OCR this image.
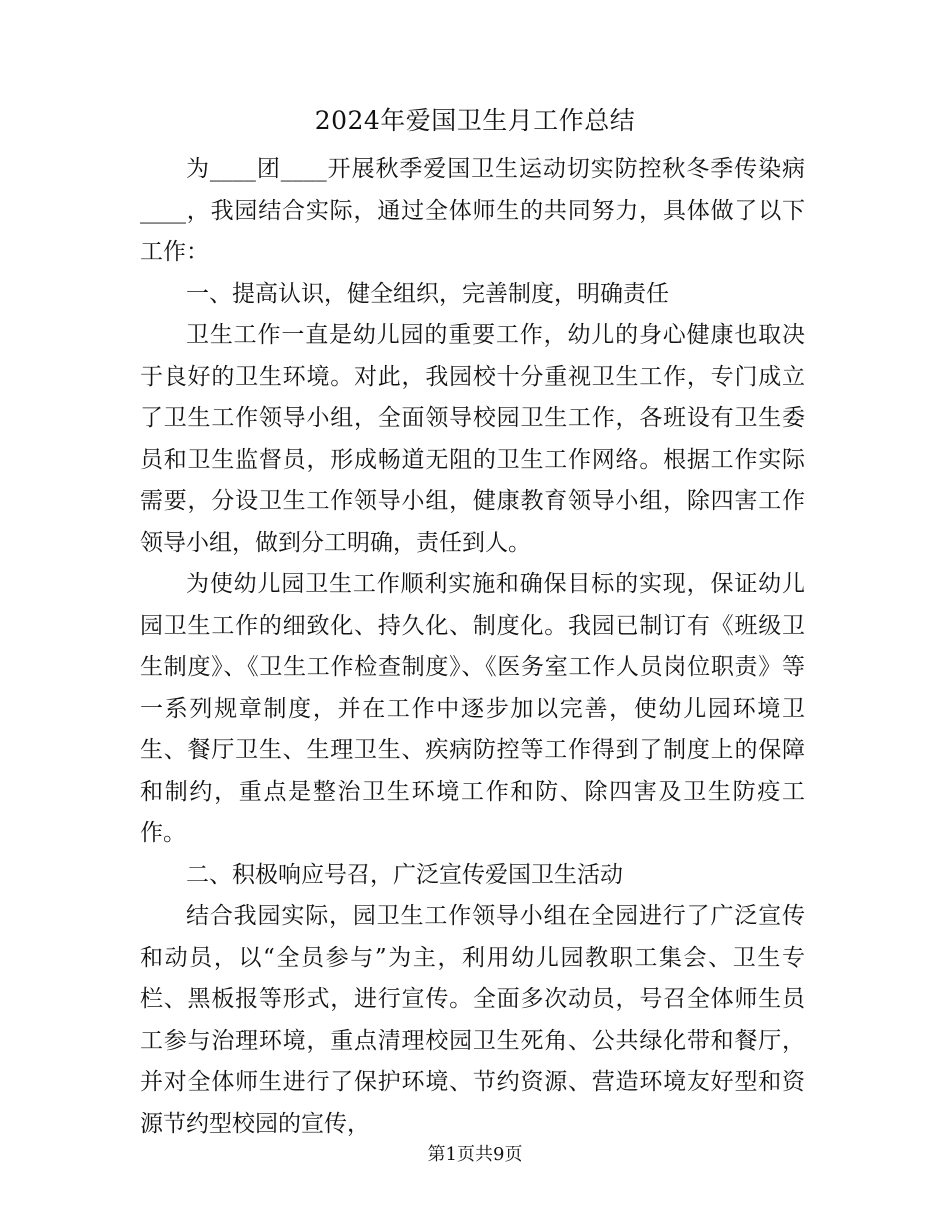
2024年爱国卫生月工作总结

为____团____开展秋季爱国卫生运动切实防控秋冬季传染病____，我园结合实际，通过全体师生的共同努力，具体做了以下工作：

一、提高认识，健全组织，完善制度，明确责任

卫生工作一直是幼儿园的重要工作，幼儿的身心健康也取决于良好的卫生环境。对此，我园校十分重视卫生工作，专门成立了卫生工作领导小组，全面领导校园卫生工作，各班设有卫生委员和卫生监督员，形成畅道无阻的卫生工作网络。根据工作实际需要，分设卫生工作领导小组，健康教育领导小组，除四害工作领导小组，做到分工明确，责任到人。

为使幼儿园卫生工作顺利实施和确保目标的实现，保证幼儿园卫生工作的细致化、持久化、制度化。我园已制订有《班级卫生制度》、《卫生工作检查制度》、《医务室工作人员岗位职责》等一系列规章制度，并在工作中逐步加以完善，使幼儿园环境卫生、餐厅卫生、生理卫生、疾病防控等工作得到了制度上的保障和制约，重点是整治卫生环境工作和防、除四害及卫生防疫工作。

二、积极响应号召，广泛宣传爱国卫生活动

结合我园实际，园卫生工作领导小组在全园进行了广泛宣传和动员，以“全员参与”为主，利用幼儿园教职工集会、卫生专栏、黑板报等形式，进行宣传。全面多次动员，号召全体师生员工参与治理环境，重点清理校园卫生死角、公共绿化带和餐厅，并对全体师生进行了保护环境、节约资源、营造环境友好型和资源节约型校园的宣传，

第1页共9页
